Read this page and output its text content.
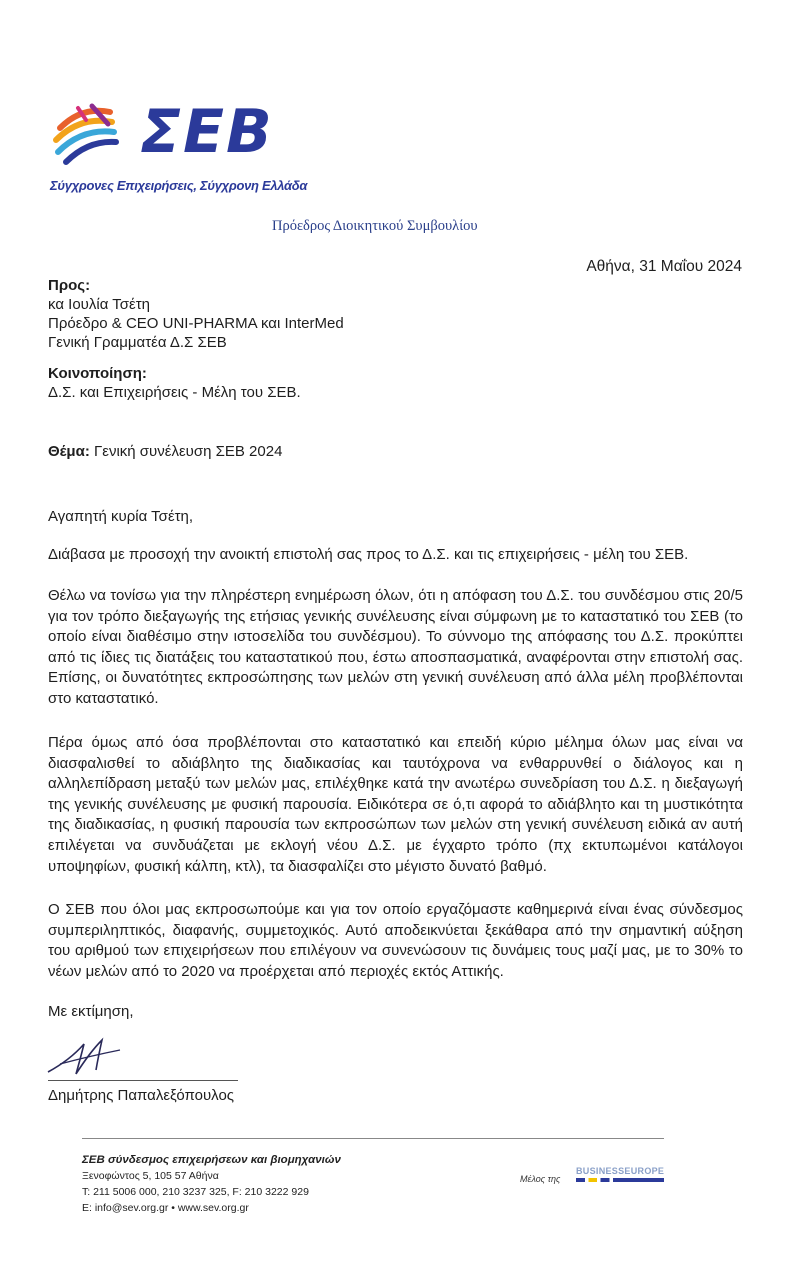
ΣΕΒ
Σύγχρονες Επιχειρήσεις, Σύγχρονη Ελλάδα
Πρόεδρος Διοικητικού Συμβουλίου
Αθήνα, 31 Μαΐου 2024
Προς:
κα Ιουλία Τσέτη
Πρόεδρο & CEO UNI-PHARMA και InterMed
Γενική Γραμματέα Δ.Σ ΣΕΒ
Κοινοποίηση:
Δ.Σ. και Επιχειρήσεις - Μέλη του ΣΕΒ.
Θέμα: Γενική συνέλευση ΣΕΒ 2024
Αγαπητή κυρία Τσέτη,
Διάβασα με προσοχή την ανοικτή επιστολή σας προς το Δ.Σ. και τις επιχειρήσεις - μέλη του ΣΕΒ.
Θέλω να τονίσω για την πληρέστερη ενημέρωση όλων, ότι η απόφαση του Δ.Σ. του συνδέσμου στις 20/5 για τον τρόπο διεξαγωγής της ετήσιας γενικής συνέλευσης είναι σύμφωνη με το καταστατικό του ΣΕΒ (το οποίο είναι διαθέσιμο στην ιστοσελίδα του συνδέσμου). Το σύννομο της απόφασης του Δ.Σ. προκύπτει από τις ίδιες τις διατάξεις του καταστατικού που, έστω αποσπασματικά, αναφέρονται στην επιστολή σας. Επίσης, οι δυνατότητες εκπροσώπησης των μελών στη γενική συνέλευση από άλλα μέλη προβλέπονται στο καταστατικό.
Πέρα όμως από όσα προβλέπονται στο καταστατικό και επειδή κύριο μέλημα όλων μας είναι να διασφαλισθεί το αδιάβλητο της διαδικασίας και ταυτόχρονα να ενθαρρυνθεί ο διάλογος και η αλληλεπίδραση μεταξύ των μελών μας, επιλέχθηκε κατά την ανωτέρω συνεδρίαση του Δ.Σ. η διεξαγωγή της γενικής συνέλευσης με φυσική παρουσία. Ειδικότερα σε ό,τι αφορά το αδιάβλητο και τη μυστικότητα της διαδικασίας, η φυσική παρουσία των εκπροσώπων των μελών στη γενική συνέλευση ειδικά αν αυτή επιλέγεται να συνδυάζεται με εκλογή νέου Δ.Σ. με έγχαρτο τρόπο (πχ εκτυπωμένοι κατάλογοι υποψηφίων, φυσική κάλπη, κτλ), τα διασφαλίζει στο μέγιστο δυνατό βαθμό.
Ο ΣΕΒ που όλοι μας εκπροσωπούμε και για τον οποίο εργαζόμαστε καθημερινά είναι ένας σύνδεσμος συμπεριληπτικός, διαφανής, συμμετοχικός. Αυτό αποδεικνύεται ξεκάθαρα από την σημαντική αύξηση του αριθμού των επιχειρήσεων που επιλέγουν να συνενώσουν τις δυνάμεις τους μαζί μας, με το 30% το νέων μελών από το 2020 να προέρχεται από περιοχές εκτός Αττικής.
Με εκτίμηση,
Δημήτρης Παπαλεξόπουλος
ΣΕΒ σύνδεσμος επιχειρήσεων και βιομηχανιών
Ξενοφώντος 5, 105 57 Αθήνα
T: 211 5006 000, 210 3237 325, F: 210 3222 929
E: info@sev.org.gr • www.sev.org.gr
Μέλος της
BUSINESSEUROPE
